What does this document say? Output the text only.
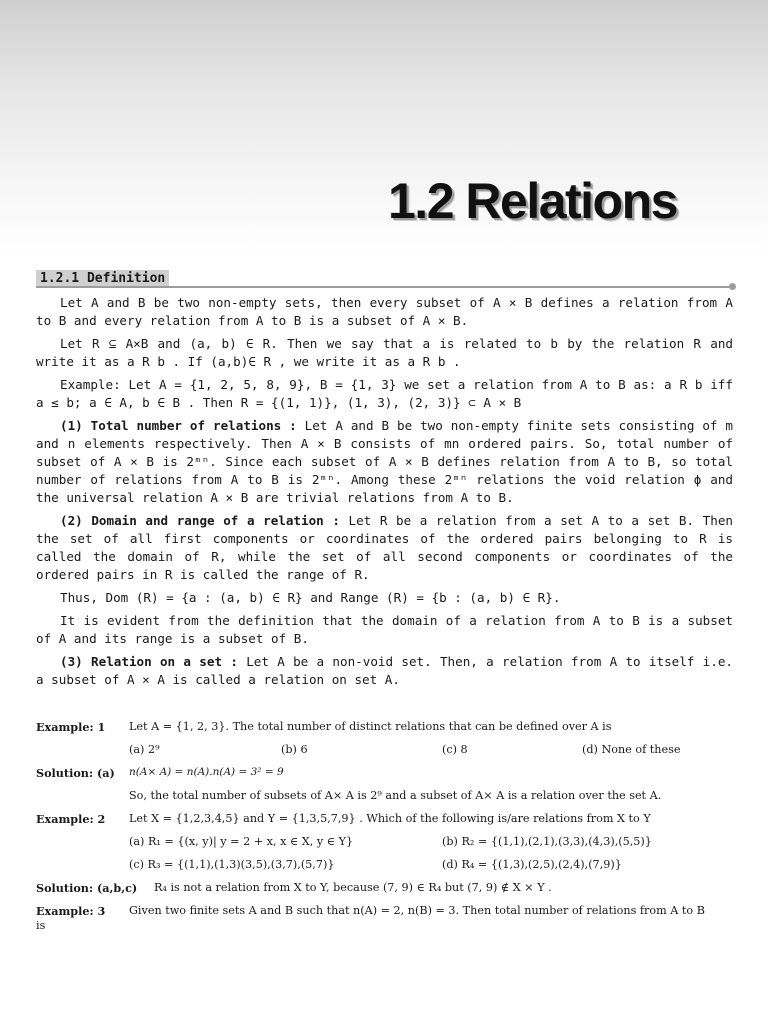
1.2 Relations
1.2.1 Definition

Let A and B be two non-empty sets, then every subset of A × B defines a relation from A to B and every relation from A to B is a subset of A × B.

Let R ⊆ A×B and (a, b) ∈ R. Then we say that a is related to b by the relation R and write it as a R b . If (a,b)∈ R , we write it as a R b .

Example: Let A = {1, 2, 5, 8, 9}, B = {1, 3} we set a relation from A to B as: a R b iff a ≤ b; a ∈ A, b ∈ B . Then R = {(1, 1)}, (1, 3), (2, 3)} ⊂ A × B

(1) Total number of relations : Let A and B be two non-empty finite sets consisting of m and n elements respectively. Then A × B consists of mn ordered pairs. So, total number of subset of A × B is 2ᵐⁿ. Since each subset of A × B defines relation from A to B, so total number of relations from A to B is 2ᵐⁿ. Among these 2ᵐⁿ relations the void relation ϕ and the universal relation A × B are trivial relations from A to B.

(2) Domain and range of a relation : Let R be a relation from a set A to a set B. Then the set of all first components or coordinates of the ordered pairs belonging to R is called the domain of R, while the set of all second components or coordinates of the ordered pairs in R is called the range of R.

Thus, Dom (R) = {a : (a, b) ∈ R} and Range (R) = {b : (a, b) ∈ R}.

It is evident from the definition that the domain of a relation from A to B is a subset of A and its range is a subset of B.

(3) Relation on a set : Let A be a non-void set. Then, a relation from A to itself i.e. a subset of A × A is called a relation on set A.

Example: 1 Let A = {1, 2, 3}. The total number of distinct relations that can be defined over A is
(a) 2⁹	(b) 6	(c) 8	(d) None of these
Solution: (a) n(A× A) = n(A).n(A) = 3² = 9
So, the total number of subsets of A× A is 2⁹ and a subset of A× A is a relation over the set A.
Example: 2 Let X = {1,2,3,4,5} and Y = {1,3,5,7,9} . Which of the following is/are relations from X to Y
(a) R₁ = {(x, y)| y = 2 + x, x ∈ X, y ∈ Y}	(b) R₂ = {(1,1),(2,1),(3,3),(4,3),(5,5)}
(c) R₃ = {(1,1),(1,3)(3,5),(3,7),(5,7)}	(d) R₄ = {(1,3),(2,5),(2,4),(7,9)}
Solution: (a,b,c) R₄ is not a relation from X to Y, because (7, 9) ∈ R₄ but (7, 9) ∉ X × Y .
Example: 3 Given two finite sets A and B such that n(A) = 2, n(B) = 3. Then total number of relations from A to B
is
